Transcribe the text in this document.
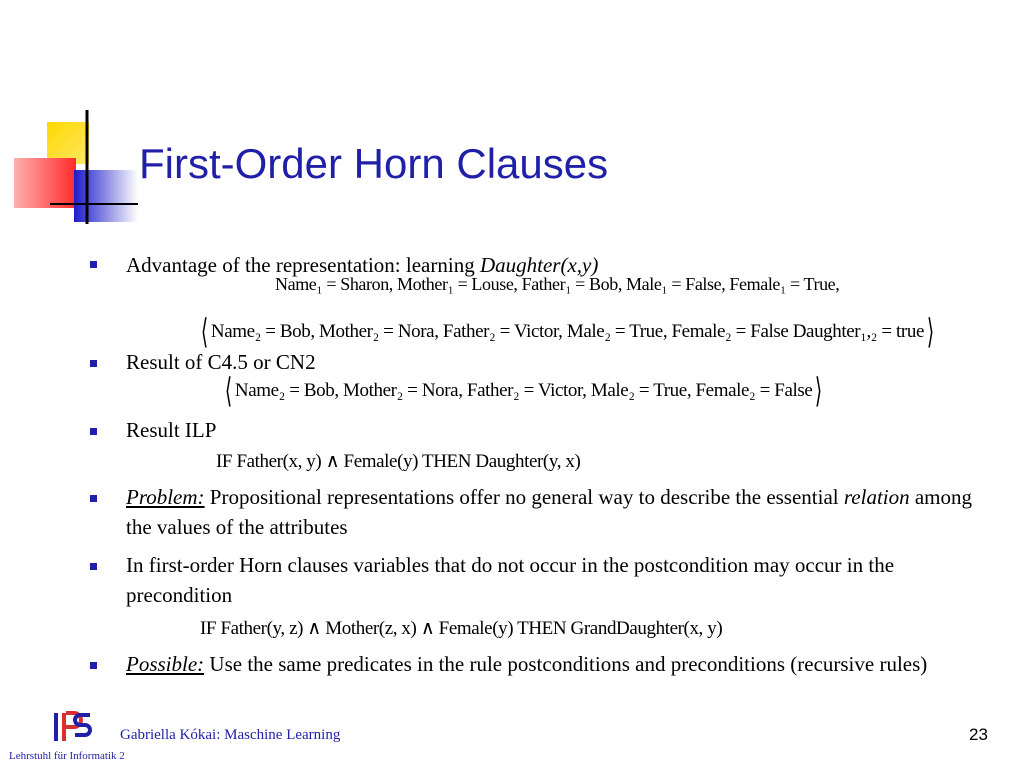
First-Order Horn Clauses
Advantage of the representation: learning Daughter(x,y)
Name₁ = Sharon, Mother₁ = Louse, Father₁ = Bob, Male₁ = False, Female₁ = True,
⟨ Name₂ = Bob, Mother₂ = Nora, Father₂ = Victor, Male₂ = True, Female₂ = False Daughter₁,₂ = true⟩
Result of C4.5 or CN2
⟨ Name₂ = Bob, Mother₂ = Nora, Father₂ = Victor, Male₂ = True, Female₂ = False⟩
Result ILP
IF Father(x, y) ∧ Female(y) THEN Daughter(y, x)
Problem: Propositional representations offer no general way to describe the essential relation among the values of the attributes
In first-order Horn clauses variables that do not occur in the postcondition may occur in the precondition
IF Father(y, z) ∧ Mother(z, x) ∧ Female(y) THEN GrandDaughter(x, y)
Possible: Use the same predicates in the rule postconditions and preconditions (recursive rules)
Gabriella Kókai: Maschine Learning
Lehrstuhl für Informatik 2
23
